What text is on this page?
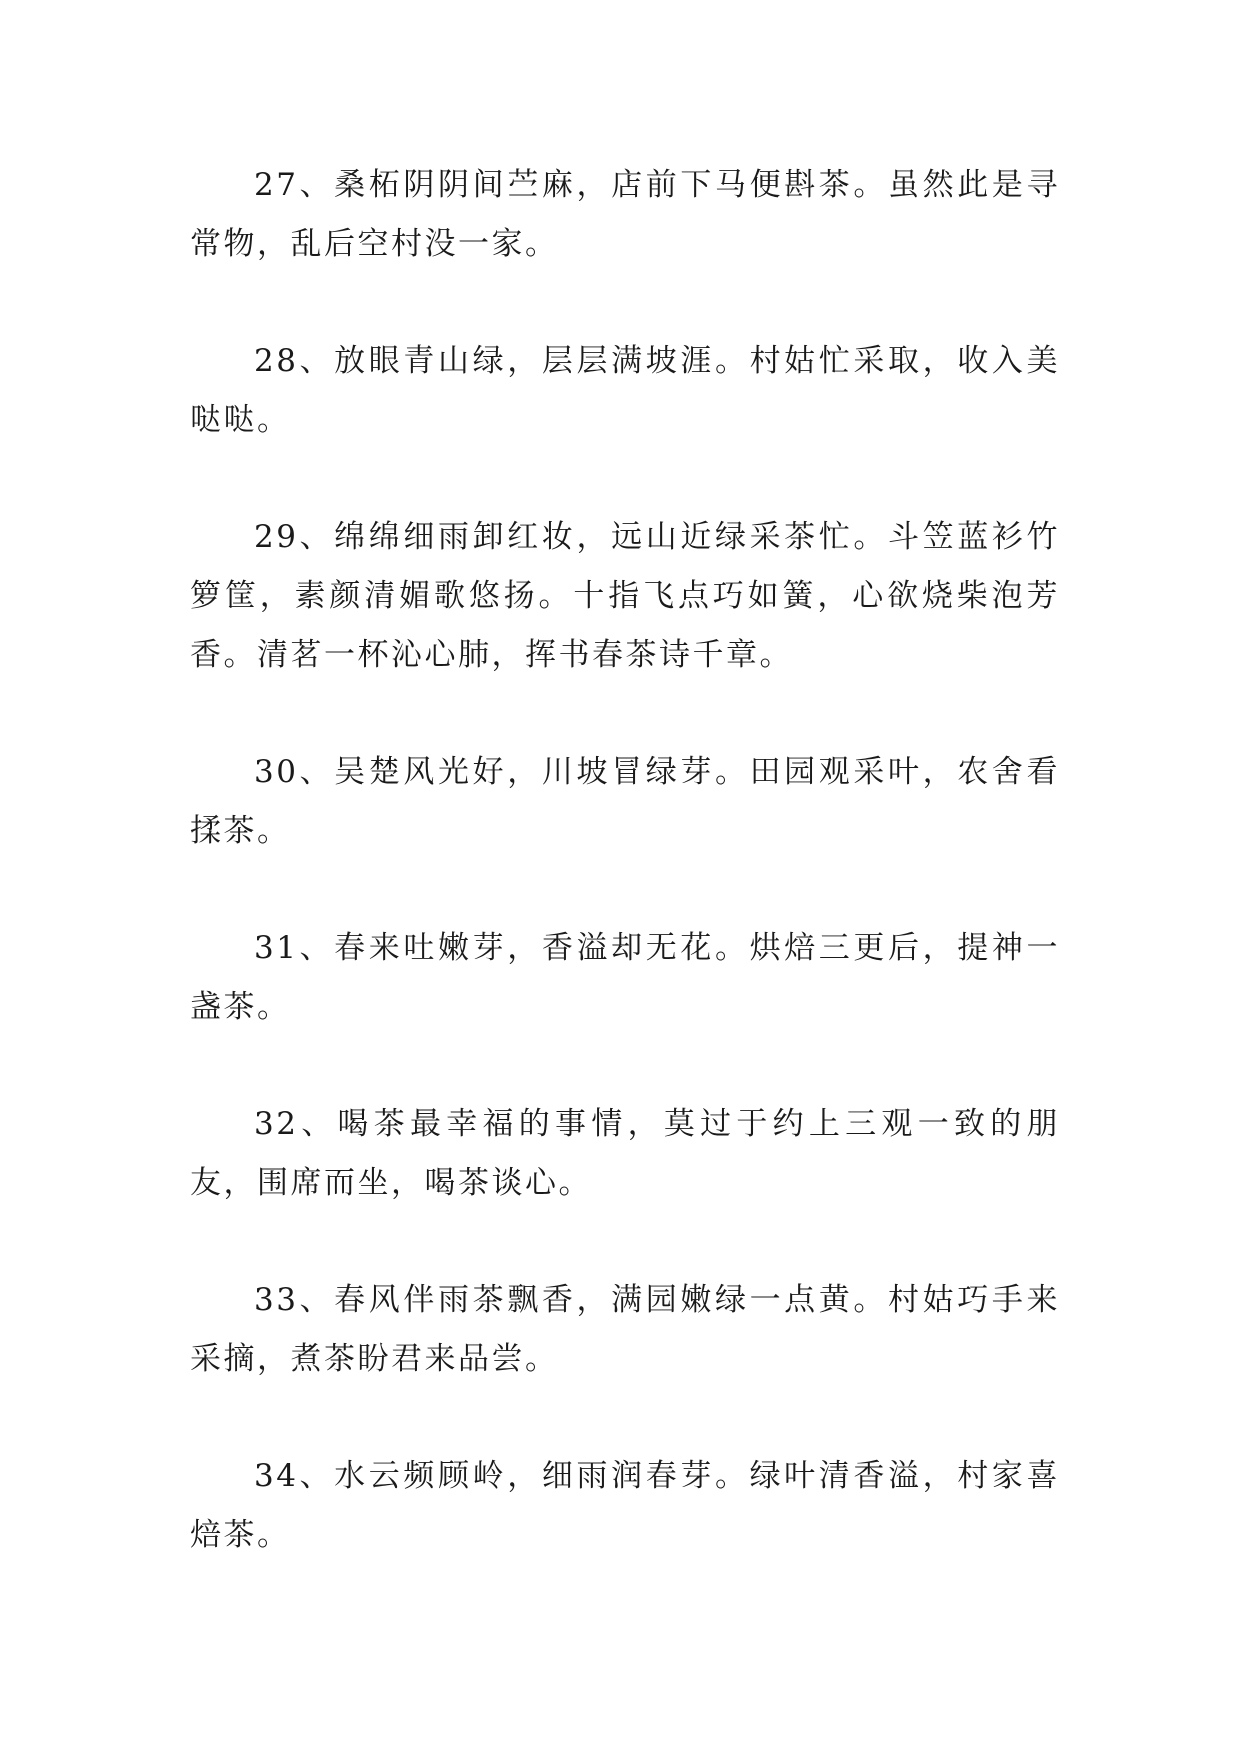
27、桑柘阴阴间苎麻，店前下马便斟茶。虽然此是寻常物，乱后空村没一家。

28、放眼青山绿，层层满坡涯。村姑忙采取，收入美哒哒。

29、绵绵细雨卸红妆，远山近绿采茶忙。斗笠蓝衫竹箩筐，素颜清媚歌悠扬。十指飞点巧如簧，心欲烧柴泡芳香。清茗一杯沁心肺，挥书春茶诗千章。

30、吴楚风光好，川坡冒绿芽。田园观采叶，农舍看揉茶。

31、春来吐嫩芽，香溢却无花。烘焙三更后，提神一盏茶。

32、喝茶最幸福的事情，莫过于约上三观一致的朋友，围席而坐，喝茶谈心。

33、春风伴雨茶飘香，满园嫩绿一点黄。村姑巧手来采摘，煮茶盼君来品尝。

34、水云频顾岭，细雨润春芽。绿叶清香溢，村家喜焙茶。
